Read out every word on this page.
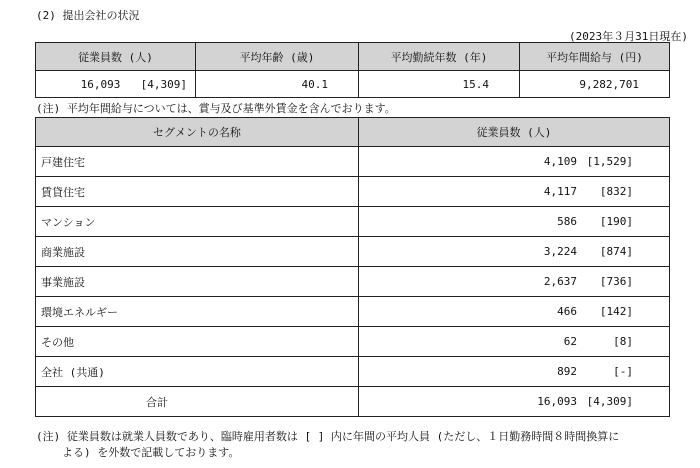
(2) 提出会社の状況
(2023年３月31日現在)
従業員数 (人)	平均年齢 (歳)	平均勤続年数 (年)	平均年間給与 (円)
16,093 [4,309]	40.1	15.4	9,282,701
(注) 平均年間給与については、賞与及び基準外賃金を含んでおります。
セグメントの名称	従業員数 (人)
戸建住宅	4,109 [1,529]
賃貸住宅	4,117 [832]
マンション	586 [190]
商業施設	3,224 [874]
事業施設	2,637 [736]
環境エネルギー	466 [142]
その他	62 [8]
全社 (共通)	892 [-]
合計	16,093 [4,309]
(注) 従業員数は就業人員数であり、臨時雇用者数は [ ] 内に年間の平均人員 (ただし、１日勤務時間８時間換算に
よる) を外数で記載しております。
